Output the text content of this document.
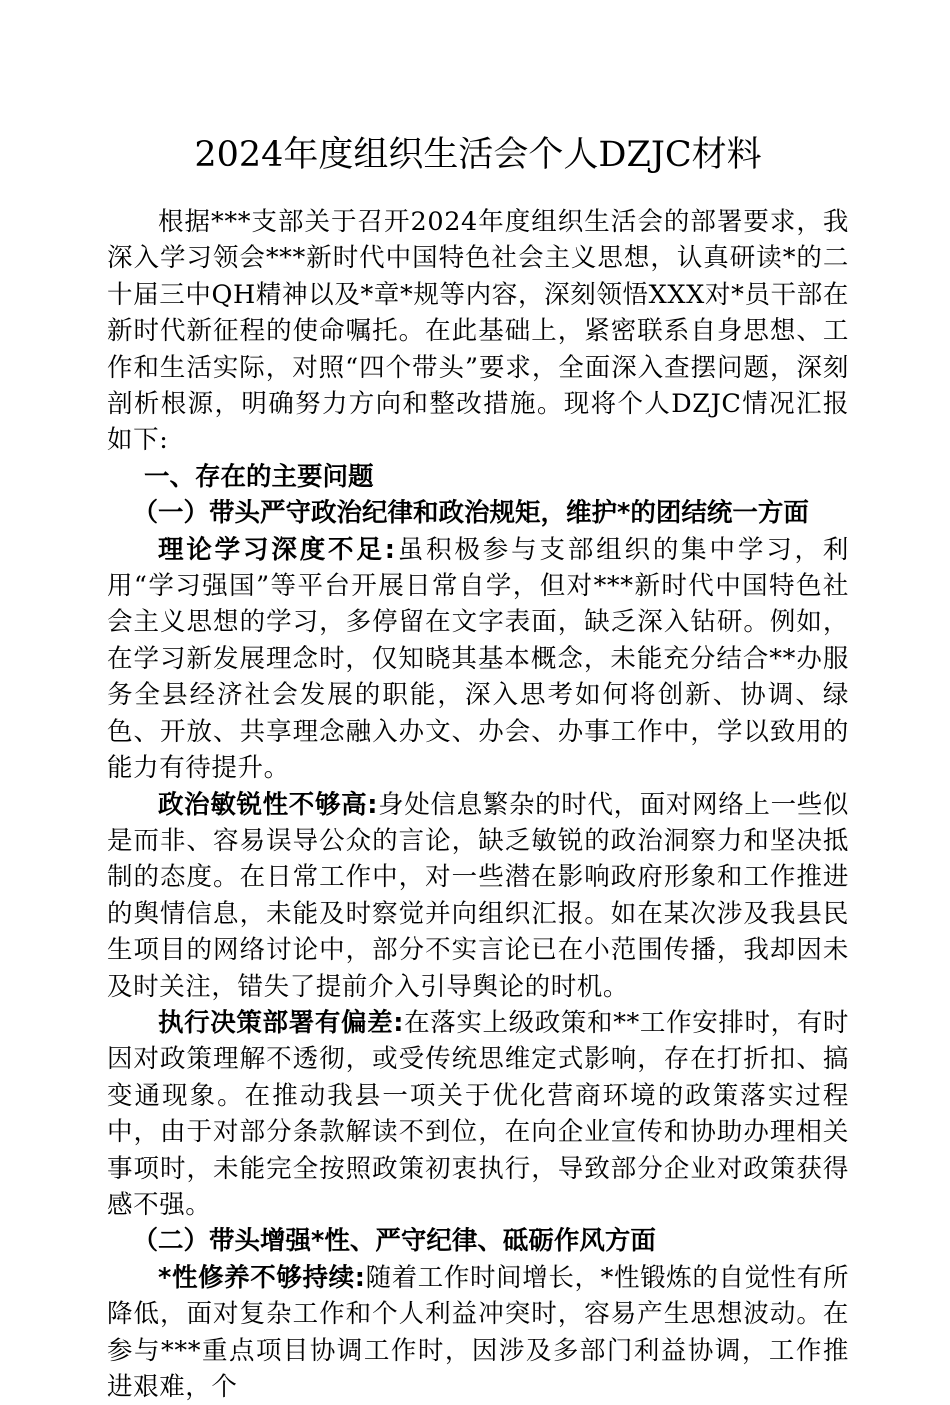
2024年度组织生活会个人DZJC材料

根据***支部关于召开2024年度组织生活会的部署要求，我深入学习领会***新时代中国特色社会主义思想，认真研读*的二十届三中QH精神以及*章*规等内容，深刻领悟XXX对*员干部在新时代新征程的使命嘱托。在此基础上，紧密联系自身思想、工作和生活实际，对照“四个带头”要求，全面深入查摆问题，深刻剖析根源，明确努力方向和整改措施。现将个人DZJC情况汇报如下:

一、存在的主要问题

（一）带头严守政治纪律和政治规矩，维护*的团结统一方面

理论学习深度不足:虽积极参与支部组织的集中学习，利用“学习强国”等平台开展日常自学，但对***新时代中国特色社会主义思想的学习，多停留在文字表面，缺乏深入钻研。例如，在学习新发展理念时，仅知晓其基本概念，未能充分结合**办服务全县经济社会发展的职能，深入思考如何将创新、协调、绿色、开放、共享理念融入办文、办会、办事工作中，学以致用的能力有待提升。

政治敏锐性不够高:身处信息繁杂的时代，面对网络上一些似是而非、容易误导公众的言论，缺乏敏锐的政治洞察力和坚决抵制的态度。在日常工作中，对一些潜在影响政府形象和工作推进的舆情信息，未能及时察觉并向组织汇报。如在某次涉及我县民生项目的网络讨论中，部分不实言论已在小范围传播，我却因未及时关注，错失了提前介入引导舆论的时机。

执行决策部署有偏差:在落实上级政策和**工作安排时，有时因对政策理解不透彻，或受传统思维定式影响，存在打折扣、搞变通现象。在推动我县一项关于优化营商环境的政策落实过程中，由于对部分条款解读不到位，在向企业宣传和协助办理相关事项时，未能完全按照政策初衷执行，导致部分企业对政策获得感不强。

（二）带头增强*性、严守纪律、砥砺作风方面

*性修养不够持续:随着工作时间增长，*性锻炼的自觉性有所降低，面对复杂工作和个人利益冲突时，容易产生思想波动。在参与***重点项目协调工作时，因涉及多部门利益协调，工作推进艰难，个
